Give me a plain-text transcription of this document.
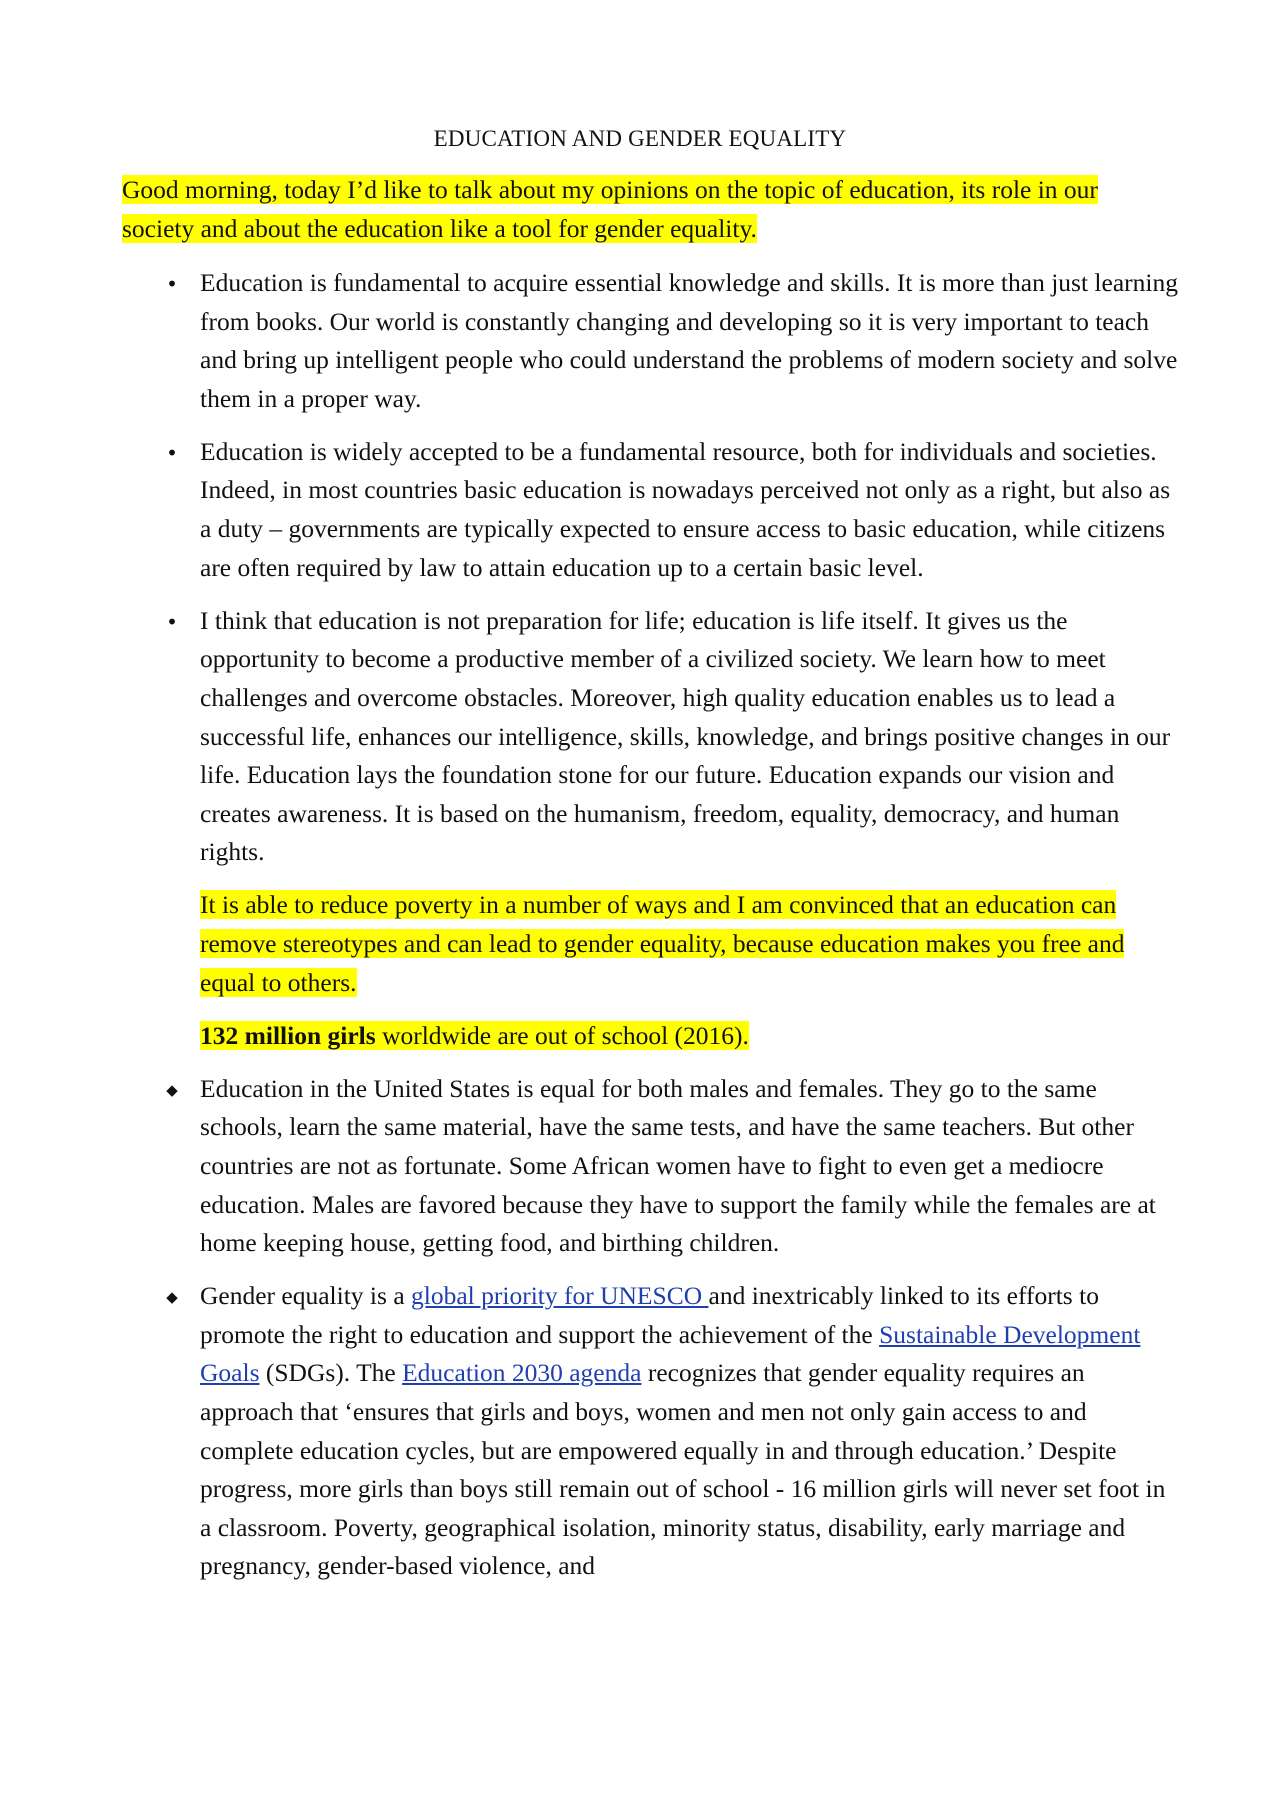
EDUCATION AND GENDER EQUALITY
Good morning, today I’d like to talk about my opinions on the topic of education, its role in our society and about the education like a tool for gender equality.
•
Education is fundamental to acquire essential knowledge and skills. It is more than just learning from books. Our world is constantly changing and developing so it is very important to teach and bring up intelligent people who could understand the problems of modern society and solve them in a proper way.
•
Education is widely accepted to be a fundamental resource, both for individuals and societies. Indeed, in most countries basic education is nowadays perceived not only as a right, but also as a duty – governments are typically expected to ensure access to basic education, while citizens are often required by law to attain education up to a certain basic level.
•
I think that education is not preparation for life; education is life itself. It gives us the opportunity to become a productive member of a civilized society. We learn how to meet challenges and overcome obstacles. Moreover, high quality education enables us to lead a successful life, enhances our intelligence, skills, knowledge, and brings positive changes in our life. Education lays the foundation stone for our future. Education expands our vision and creates awareness. It is based on the humanism, freedom, equality, democracy, and human rights.
It is able to reduce poverty in a number of ways and I am convinced that an education can remove stereotypes and can lead to gender equality, because education makes you free and equal to others.
132 million girls worldwide are out of school (2016).
◆
Education in the United States is equal for both males and females. They go to the same schools, learn the same material, have the same tests, and have the same teachers. But other countries are not as fortunate. Some African women have to fight to even get a mediocre education. Males are favored because they have to support the family while the females are at home keeping house, getting food, and birthing children.
◆
Gender equality is a global priority for UNESCO and inextricably linked to its efforts to promote the right to education and support the achievement of the Sustainable Development Goals (SDGs). The Education 2030 agenda recognizes that gender equality requires an approach that ‘ensures that girls and boys, women and men not only gain access to and complete education cycles, but are empowered equally in and through education.’ Despite progress, more girls than boys still remain out of school - 16 million girls will never set foot in a classroom. Poverty, geographical isolation, minority status, disability, early marriage and pregnancy, gender-based violence, and
